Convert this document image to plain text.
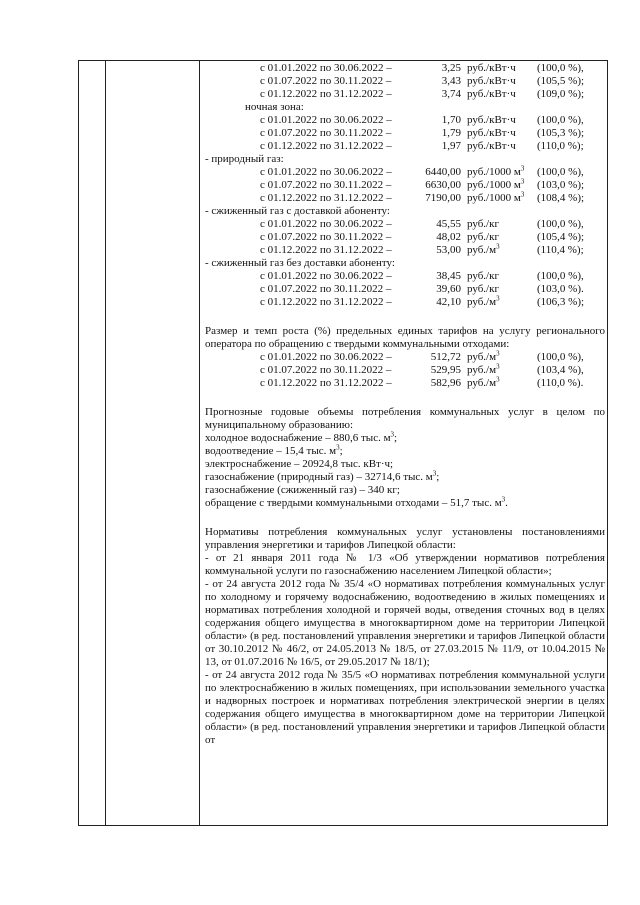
с 01.01.2022 по 30.06.2022 –	3,25 руб./кВт·ч (100,0 %),
с 01.07.2022 по 30.11.2022 –	3,43 руб./кВт·ч (105,5 %);
с 01.12.2022 по 31.12.2022 –	3,74 руб./кВт·ч (109,0 %);
ночная зона:
с 01.01.2022 по 30.06.2022 –	1,70 руб./кВт·ч (100,0 %),
с 01.07.2022 по 30.11.2022 –	1,79 руб./кВт·ч (105,3 %);
с 01.12.2022 по 31.12.2022 –	1,97 руб./кВт·ч (110,0 %);
- природный газ:
с 01.01.2022 по 30.06.2022 –	6440,00 руб./1000 $м^3$ (100,0 %),
с 01.07.2022 по 30.11.2022 –	6630,00 руб./1000 $м^3$ (103,0 %);
с 01.12.2022 по 31.12.2022 –	7190,00 руб./1000 $м^3$ (108,4 %);
- сжиженный газ с доставкой абоненту:
с 01.01.2022 по 30.06.2022 –	45,55 руб./кг	(100,0 %),
с 01.07.2022 по 30.11.2022 –	48,02 руб./кг	(105,4 %);
с 01.12.2022 по 31.12.2022 –	53,00 $руб./м^3$	(110,4 %);
- сжиженный газ без доставки абоненту:
с 01.01.2022 по 30.06.2022 –	38,45 руб./кг	(100,0 %),
с 01.07.2022 по 30.11.2022 –	39,60 руб./кг	(103,0 %).
с 01.12.2022 по 31.12.2022 –	42,10 $руб./м^3$	(106,3 %);

Размер и темп роста (%) предельных единых тарифов на услугу регионального оператора по обращению с твердыми коммунальными отходами:

с 01.01.2022 по 30.06.2022 –	512,72 $руб./м^3$	(100,0 %),
с 01.07.2022 по 30.11.2022 –	529,95 $руб./м^3$	(103,4 %),
с 01.12.2022 по 31.12.2022 –	582,96 $руб./м^3$	(110,0 %).

Прогнозные годовые объемы потребления коммунальных услуг в целом по муниципальному образованию:

холодное водоснабжение – 880,6 тыс. $м^3$;
водоотведение – 15,4 тыс. $м^3$;
электроснабжение – 20924,8 тыс. кВт·ч;
газоснабжение (природный газ) – 32714,6 тыс. $м^3$;
газоснабжение (сжиженный газ) – 340 кг;
обращение с твердыми коммунальными отходами – 51,7 тыс. $м^3$.

Нормативы потребления коммунальных услуг установлены постановлениями управления энергетики и тарифов Липецкой области:

- от 21 января 2011 года № 1/3 «Об утверждении нормативов потребления коммунальной услуги по газоснабжению населением Липецкой области»;

- от 24 августа 2012 года № 35/4 «О нормативах потребления коммунальных услуг по холодному и горячему водоснабжению, водоотведению в жилых помещениях и нормативах потребления холодной и горячей воды, отведения сточных вод в целях содержания общего имущества в многоквартирном доме на территории Липецкой области» (в ред. постановлений управления энергетики и тарифов Липецкой области от 30.10.2012 № 46/2, от 24.05.2013 № 18/5, от 27.03.2015 № 11/9, от 10.04.2015 № 13, от 01.07.2016 № 16/5, от 29.05.2017 № 18/1);

- от 24 августа 2012 года № 35/5 «О нормативах потребления коммунальной услуги по электроснабжению в жилых помещениях, при использовании земельного участка и надворных построек и нормативах потребления электрической энергии в целях содержания общего имущества в многоквартирном доме на территории Липецкой области» (в ред. постановлений управления энергетики и тарифов Липецкой области от
